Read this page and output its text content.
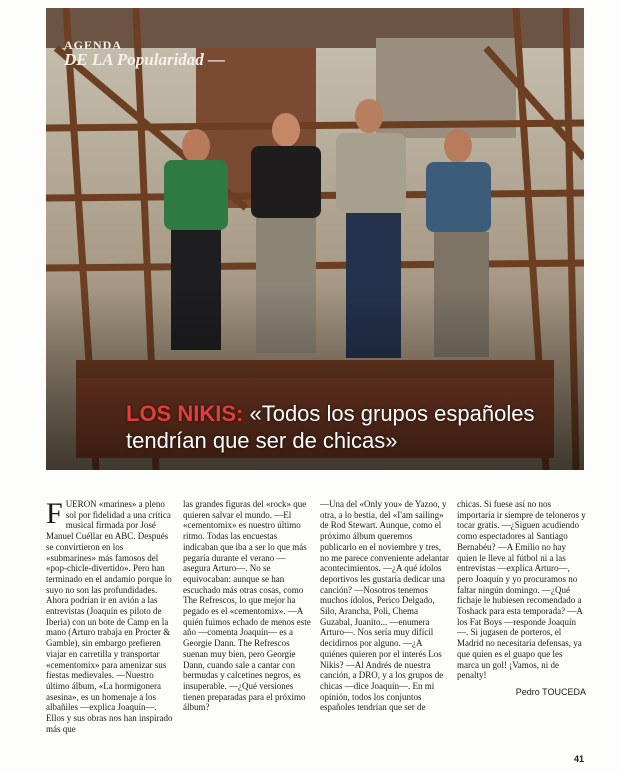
AGENDA
DE LA Popularidad —
LOS NIKIS: «Todos los grupos españoles tendrían que ser de chicas»
F UERON «marines» a pleno sol por fidelidad a una crítica musical firmada por José Manuel Cuéllar en ABC. Después se convirtieron en los «submarines» más famosos del «pop-chicle-divertido». Pero han terminado en el andamio porque lo suyo no son las profundidades. Ahora podrían ir en avión a las entrevistas (Joaquín es piloto de Iberia) con un bote de Camp en la mano (Arturo trabaja en Procter & Gamble), sin embargo prefieren viajar en carretilla y transportar «cementomix» para amenizar sus fiestas medievales. —Nuestro último álbum, «La hormigonera asesina», es un homenaje a los albañiles —explica Joaquín—. Ellos y sus obras nos han inspirado más que

las grandes figuras del «rock» que quieren salvar el mundo. —El «cementomix» es nuestro último ritmo. Todas las encuestas indicaban que iba a ser lo que más pegaría durante el verano —asegura Arturo—. No se equivocaban: aunque se han escuchado más otras cosas, como The Refrescos, lo que mejor ha pegado es el «cementomix». —A quién fuimos echado de menos este año —comenta Joaquín— es a Georgie Dann. The Refrescos suenan muy bien, pero Georgie Dann, cuando sale a cantar con bermudas y calcetines negros, es insuperable. —¿Qué versiones tienen preparadas para el próximo álbum?

—Una del «Only you» de Yazoo, y otra, a lo bestia, del «I'am sailing» de Rod Stewart. Aunque, como el próximo álbum queremos publicarlo en el noviembre y tres, no me parece conveniente adelantar acontecimientos. —¿A qué ídolos deportivos les gustaría dedicar una canción? —Nosotros tenemos muchos ídolos, Perico Delgado, Silo, Arancha, Poli, Chema Guzabal, Juanito... —enumera Arturo—. Nos sería muy difícil decidirnos por alguno. —¿A quiénes quieren por el interés Los Nikis? —Al Andrés de nuestra canción, a DRO, y a los grupos de chicas —dice Joaquín—. En mi opinión, todos los conjuntos españoles tendrían que ser de

chicas. Si fuese así no nos importaría ir siempre de teloneros y tocar gratis. —¿Siguen acudiendo como espectadores al Santiago Bernabéu? —A Emilio no hay quien le lleve al fútbol ni a las entrevistas —explica Arturo—, pero Joaquín y yo procuramos no faltar ningún domingo. —¿Qué fichaje le hubiesen recomendado a Toshack para esta temporada? —A los Fat Boys —responde Joaquín—. Si jugasen de porteros, el Madrid no necesitaría defensas, ya que quien es el guapo que les marca un gol! ¡Vamos, ni de penalty!

Pedro TOUCEDA
41
